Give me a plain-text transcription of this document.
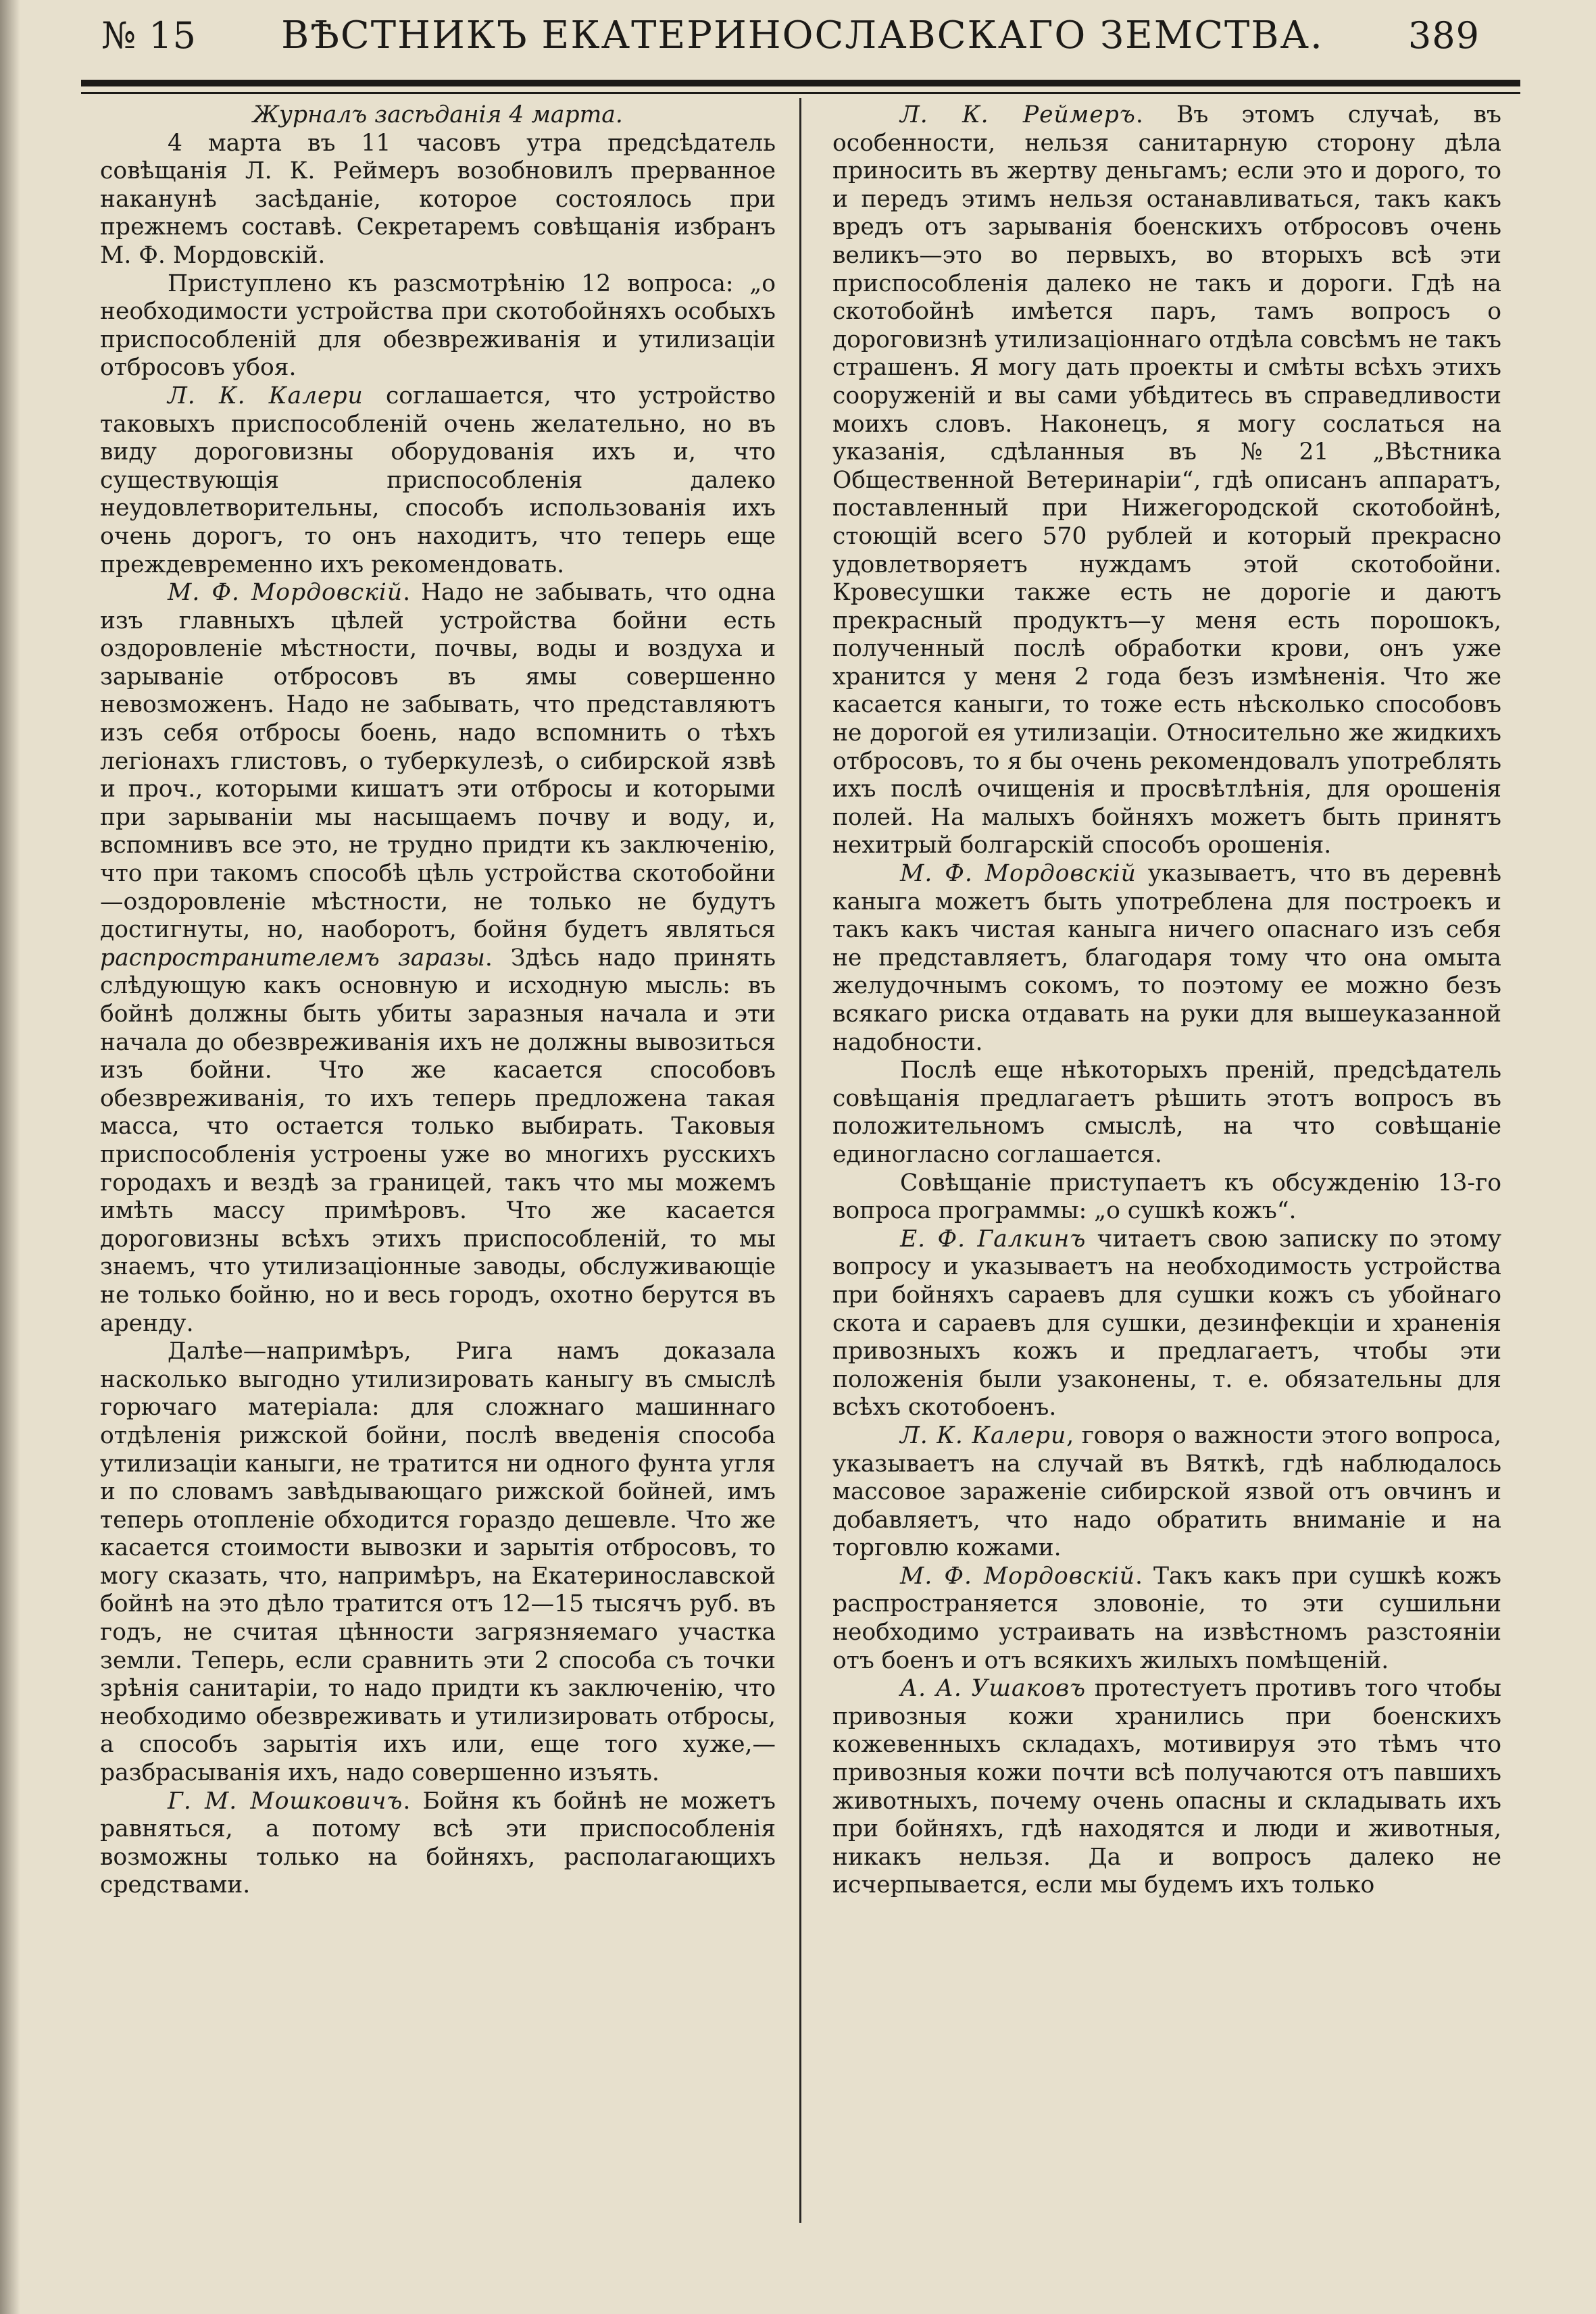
№ 15 ВѢСТНИКЪ ЕКАТЕРИНОСЛАВСКАГО ЗЕМСТВА. 389

Журналъ засѣданія 4 марта.

4 марта въ 11 часовъ утра предсѣдатель совѣщанія Л. К. Реймеръ возобновилъ прерванное наканунѣ засѣданіе, которое состоялось при прежнемъ составѣ. Секретаремъ совѣщанія избранъ М. Ф. Мордовскій.

Приступлено къ разсмотрѣнію 12 вопроса: „о необходимости устройства при скотобойняхъ особыхъ приспособленій для обезвреживанія и утилизаціи отбросовъ убоя.

Л. К. Калери соглашается, что устройство таковыхъ приспособленій очень желательно, но въ виду дороговизны оборудованія ихъ и, что существующія приспособленія далеко неудовлетворительны, способъ использованія ихъ очень дорогъ, то онъ находитъ, что теперь еще преждевременно ихъ рекомендовать.

М. Ф. Мордовскій. Надо не забывать, что одна изъ главныхъ цѣлей устройства бойни есть оздоровленіе мѣстности, почвы, воды и воздуха и зарываніе отбросовъ въ ямы совершенно невозможенъ. Надо не забывать, что представляютъ изъ себя отбросы боень, надо вспомнить о тѣхъ легіонахъ глистовъ, о туберкулезѣ, о сибирской язвѣ и проч., которыми кишатъ эти отбросы и которыми при зарываніи мы насыщаемъ почву и воду, и, вспомнивъ все это, не трудно придти къ заключенію, что при такомъ способѣ цѣль устройства скотобойни—оздоровленіе мѣстности, не только не будутъ достигнуты, но, наоборотъ, бойня будетъ являться распространителемъ заразы. Здѣсь надо принять слѣдующую какъ основную и исходную мысль: въ бойнѣ должны быть убиты заразныя начала и эти начала до обезвреживанія ихъ не должны вывозиться изъ бойни. Что же касается способовъ обезвреживанія, то ихъ теперь предложена такая масса, что остается только выбирать. Таковыя приспособленія устроены уже во многихъ русскихъ городахъ и вездѣ за границей, такъ что мы можемъ имѣть массу примѣровъ. Что же касается дороговизны всѣхъ этихъ приспособленій, то мы знаемъ, что утилизаціонные заводы, обслуживающіе не только бойню, но и весь городъ, охотно берутся въ аренду.

Далѣе—напримѣръ, Рига намъ доказала насколько выгодно утилизировать каныгу въ смыслѣ горючаго матеріала: для сложнаго машиннаго отдѣленія рижской бойни, послѣ введенія способа утилизаціи каныги, не тратится ни одного фунта угля и по словамъ завѣдывающаго рижской бойней, имъ теперь отопленіе обходится гораздо дешевле. Что же касается стоимости вывозки и зарытія отбросовъ, то могу сказать, что, напримѣръ, на Екатеринославской бойнѣ на это дѣло тратится отъ 12—15 тысячъ руб. въ годъ, не считая цѣнности загрязняемаго участка земли. Теперь, если сравнить эти 2 способа съ точки зрѣнія санитаріи, то надо придти къ заключенію, что необходимо обезвреживать и утилизировать отбросы, а способъ зарытія ихъ или, еще того хуже,—разбрасыванія ихъ, надо совершенно изъять.

Г. М. Мошковичъ. Бойня къ бойнѣ не можетъ равняться, а потому всѣ эти приспособленія возможны только на бойняхъ, располагающихъ средствами.

Л. К. Реймеръ. Въ этомъ случаѣ, въ особенности, нельзя санитарную сторону дѣла приносить въ жертву деньгамъ; если это и дорого, то и передъ этимъ нельзя останавливаться, такъ какъ вредъ отъ зарыванія боенскихъ отбросовъ очень великъ—это во первыхъ, во вторыхъ всѣ эти приспособленія далеко не такъ и дороги. Гдѣ на скотобойнѣ имѣется паръ, тамъ вопросъ о дороговизнѣ утилизаціоннаго отдѣла совсѣмъ не такъ страшенъ. Я могу дать проекты и смѣты всѣхъ этихъ сооруженій и вы сами убѣдитесь въ справедливости моихъ словъ. Наконецъ, я могу сослаться на указанія, сдѣланныя въ №21 „Вѣстника Общественной Ветеринаріи“, гдѣ описанъ аппаратъ, поставленный при Нижегородской скотобойнѣ, стоющій всего 570 рублей и который прекрасно удовлетворяетъ нуждамъ этой скотобойни. Кровесушки также есть не дорогіе и даютъ прекрасный продуктъ—у меня есть порошокъ, полученный послѣ обработки крови, онъ уже хранится у меня 2 года безъ измѣненія. Что же касается каныги, то тоже есть нѣсколько способовъ не дорогой ея утилизаціи. Относительно же жидкихъ отбросовъ, то я бы очень рекомендовалъ употреблять ихъ послѣ очищенія и просвѣтлѣнія, для орошенія полей. На малыхъ бойняхъ можетъ быть принятъ нехитрый болгарскій способъ орошенія.

М. Ф. Мордовскій указываетъ, что въ деревнѣ каныга можетъ быть употреблена для построекъ и такъ какъ чистая каныга ничего опаснаго изъ себя не представляетъ, благодаря тому что она омыта желудочнымъ сокомъ, то поэтому ее можно безъ всякаго риска отдавать на руки для вышеуказанной надобности.

Послѣ еще нѣкоторыхъ преній, предсѣдатель совѣщанія предлагаетъ рѣшить этотъ вопросъ въ положительномъ смыслѣ, на что совѣщаніе единогласно соглашается.

Совѣщаніе приступаетъ къ обсужденію 13-го вопроса программы: „о сушкѣ кожъ“.

Е. Ф. Галкинъ читаетъ свою записку по этому вопросу и указываетъ на необходимость устройства при бойняхъ сараевъ для сушки кожъ съ убойнаго скота и сараевъ для сушки, дезинфекціи и храненія привозныхъ кожъ и предлагаетъ, чтобы эти положенія были узаконены, т. е. обязательны для всѣхъ скотобоенъ.

Л. К. Калери, говоря о важности этого вопроса, указываетъ на случай въ Вяткѣ, гдѣ наблюдалось массовое зараженіе сибирской язвой отъ овчинъ и добавляетъ, что надо обратить вниманіе и на торговлю кожами.

М. Ф. Мордовскій. Такъ какъ при сушкѣ кожъ распространяется зловоніе, то эти сушильни необходимо устраивать на извѣстномъ разстояніи отъ боенъ и отъ всякихъ жилыхъ помѣщеній.

А. А. Ушаковъ протестуетъ противъ того чтобы привозныя кожи хранились при боенскихъ кожевенныхъ складахъ, мотивируя это тѣмъ что привозныя кожи почти всѣ получаются отъ павшихъ животныхъ, почему очень опасны и складывать ихъ при бойняхъ, гдѣ находятся и люди и животныя, никакъ нельзя. Да и вопросъ далеко не исчерпывается, если мы будемъ ихъ только
